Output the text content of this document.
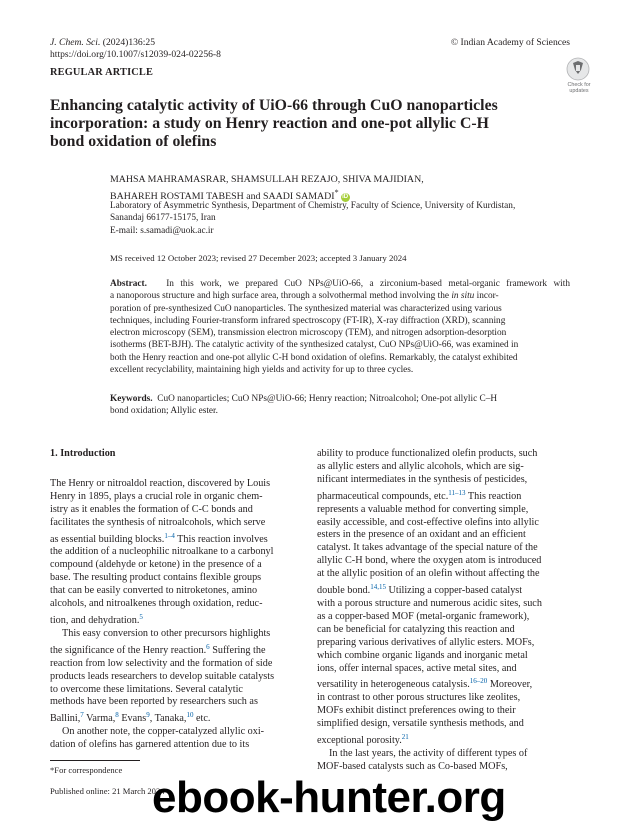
J. Chem. Sci. (2024)136:25
https://doi.org/10.1007/s12039-024-02256-8
© Indian Academy of Sciences
REGULAR ARTICLE
Check for
updates
Enhancing catalytic activity of UiO-66 through CuO nanoparticles
incorporation: a study on Henry reaction and one-pot allylic C-H
bond oxidation of olefins
MAHSA MAHRAMASRAR, SHAMSULLAH REZAJO, SHIVA MAJIDIAN,
BAHAREH ROSTAMI TABESH and SAADI SAMADI* iD
Laboratory of Asymmetric Synthesis, Department of Chemistry, Faculty of Science, University of Kurdistan,
Sanandaj 66177-15175, Iran
E-mail: s.samadi@uok.ac.ir
MS received 12 October 2023; revised 27 December 2023; accepted 3 January 2024
Abstract. In this work, we prepared CuO NPs@UiO-66, a zirconium-based metal-organic framework with
a nanoporous structure and high surface area, through a solvothermal method involving the in situ incor-
poration of pre-synthesized CuO nanoparticles. The synthesized material was characterized using various
techniques, including Fourier-transform infrared spectroscopy (FT-IR), X-ray diffraction (XRD), scanning
electron microscopy (SEM), transmission electron microscopy (TEM), and nitrogen adsorption-desorption
isotherms (BET-BJH). The catalytic activity of the synthesized catalyst, CuO NPs@UiO-66, was examined in
both the Henry reaction and one-pot allylic C-H bond oxidation of olefins. Remarkably, the catalyst exhibited
excellent recyclability, maintaining high yields and activity for up to three cycles.
Keywords. CuO nanoparticles; CuO NPs@UiO-66; Henry reaction; Nitroalcohol; One-pot allylic C–H
bond oxidation; Allylic ester.
1. Introduction
The Henry or nitroaldol reaction, discovered by Louis
Henry in 1895, plays a crucial role in organic chem-
istry as it enables the formation of C-C bonds and
facilitates the synthesis of nitroalcohols, which serve
as essential building blocks.$^{1-4}$ This reaction involves
the addition of a nucleophilic nitroalkane to a carbonyl
compound (aldehyde or ketone) in the presence of a
base. The resulting product contains flexible groups
that can be easily converted to nitroketones, amino
alcohols, and nitroalkenes through oxidation, reduc-
tion, and dehydration.$^5$
This easy conversion to other precursors highlights
the significance of the Henry reaction.$^6$ Suffering the
reaction from low selectivity and the formation of side
products leads researchers to develop suitable catalysts
to overcome these limitations. Several catalytic
methods have been reported by researchers such as
Ballini,$^7$ Varma,$^8$ Evans$^9$, Tanaka,$^{10}$ etc.
On another note, the copper-catalyzed allylic oxi-
dation of olefins has garnered attention due to its
ability to produce functionalized olefin products, such
as allylic esters and allylic alcohols, which are sig-
nificant intermediates in the synthesis of pesticides,
pharmaceutical compounds, etc.$^{11-13}$ This reaction
represents a valuable method for converting simple,
easily accessible, and cost-effective olefins into allylic
esters in the presence of an oxidant and an efficient
catalyst. It takes advantage of the special nature of the
allylic C-H bond, where the oxygen atom is introduced
at the allylic position of an olefin without affecting the
double bond.$^{14,15}$ Utilizing a copper-based catalyst
with a porous structure and numerous acidic sites, such
as a copper-based MOF (metal-organic framework),
can be beneficial for catalyzing this reaction and
preparing various derivatives of allylic esters. MOFs,
which combine organic ligands and inorganic metal
ions, offer internal spaces, active metal sites, and
versatility in heterogeneous catalysis.$^{16-20}$ Moreover,
in contrast to other porous structures like zeolites,
MOFs exhibit distinct preferences owing to their
simplified design, versatile synthesis methods, and
exceptional porosity.$^{21}$
In the last years, the activity of different types of
MOF-based catalysts such as Co-based MOFs,
*For correspondence
Published online: 21 March 2024
ebook-hunter.org
